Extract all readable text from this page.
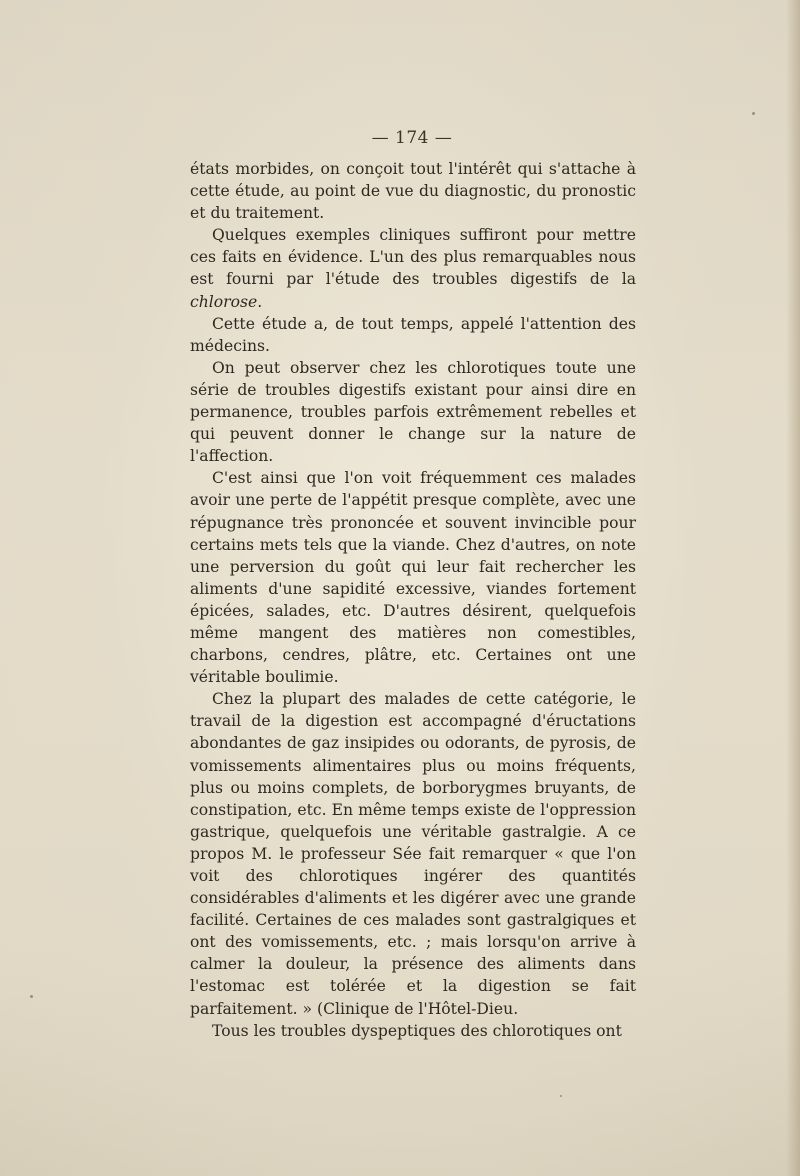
— 174 —

états morbides, on conçoit tout l'intérêt qui s'attache à cette étude, au point de vue du diagnostic, du pronostic et du traitement.

Quelques exemples cliniques suffiront pour mettre ces faits en évidence. L'un des plus remarquables nous est fourni par l'étude des troubles digestifs de la chlorose.

Cette étude a, de tout temps, appelé l'attention des médecins.

On peut observer chez les chlorotiques toute une série de troubles digestifs existant pour ainsi dire en permanence, troubles parfois extrêmement rebelles et qui peuvent donner le change sur la nature de l'affection.

C'est ainsi que l'on voit fréquemment ces malades avoir une perte de l'appétit presque complète, avec une répugnance très prononcée et souvent invincible pour certains mets tels que la viande. Chez d'autres, on note une perversion du goût qui leur fait rechercher les aliments d'une sapidité excessive, viandes fortement épicées, salades, etc. D'autres désirent, quelquefois même mangent des matières non comestibles, charbons, cendres, plâtre, etc. Certaines ont une véritable boulimie.

Chez la plupart des malades de cette catégorie, le travail de la digestion est accompagné d'éructations abondantes de gaz insipides ou odorants, de pyrosis, de vomissements alimentaires plus ou moins fréquents, plus ou moins complets, de borborygmes bruyants, de constipation, etc. En même temps existe de l'oppression gastrique, quelquefois une véritable gastralgie. A ce propos M. le professeur Sée fait remarquer « que l'on voit des chlorotiques ingérer des quantités considérables d'aliments et les digérer avec une grande facilité. Certaines de ces malades sont gastralgiques et ont des vomissements, etc. ; mais lorsqu'on arrive à calmer la douleur, la présence des aliments dans l'estomac est tolérée et la digestion se fait parfaitement. » (Clinique de l'Hôtel-Dieu.

Tous les troubles dyspeptiques des chlorotiques ont
